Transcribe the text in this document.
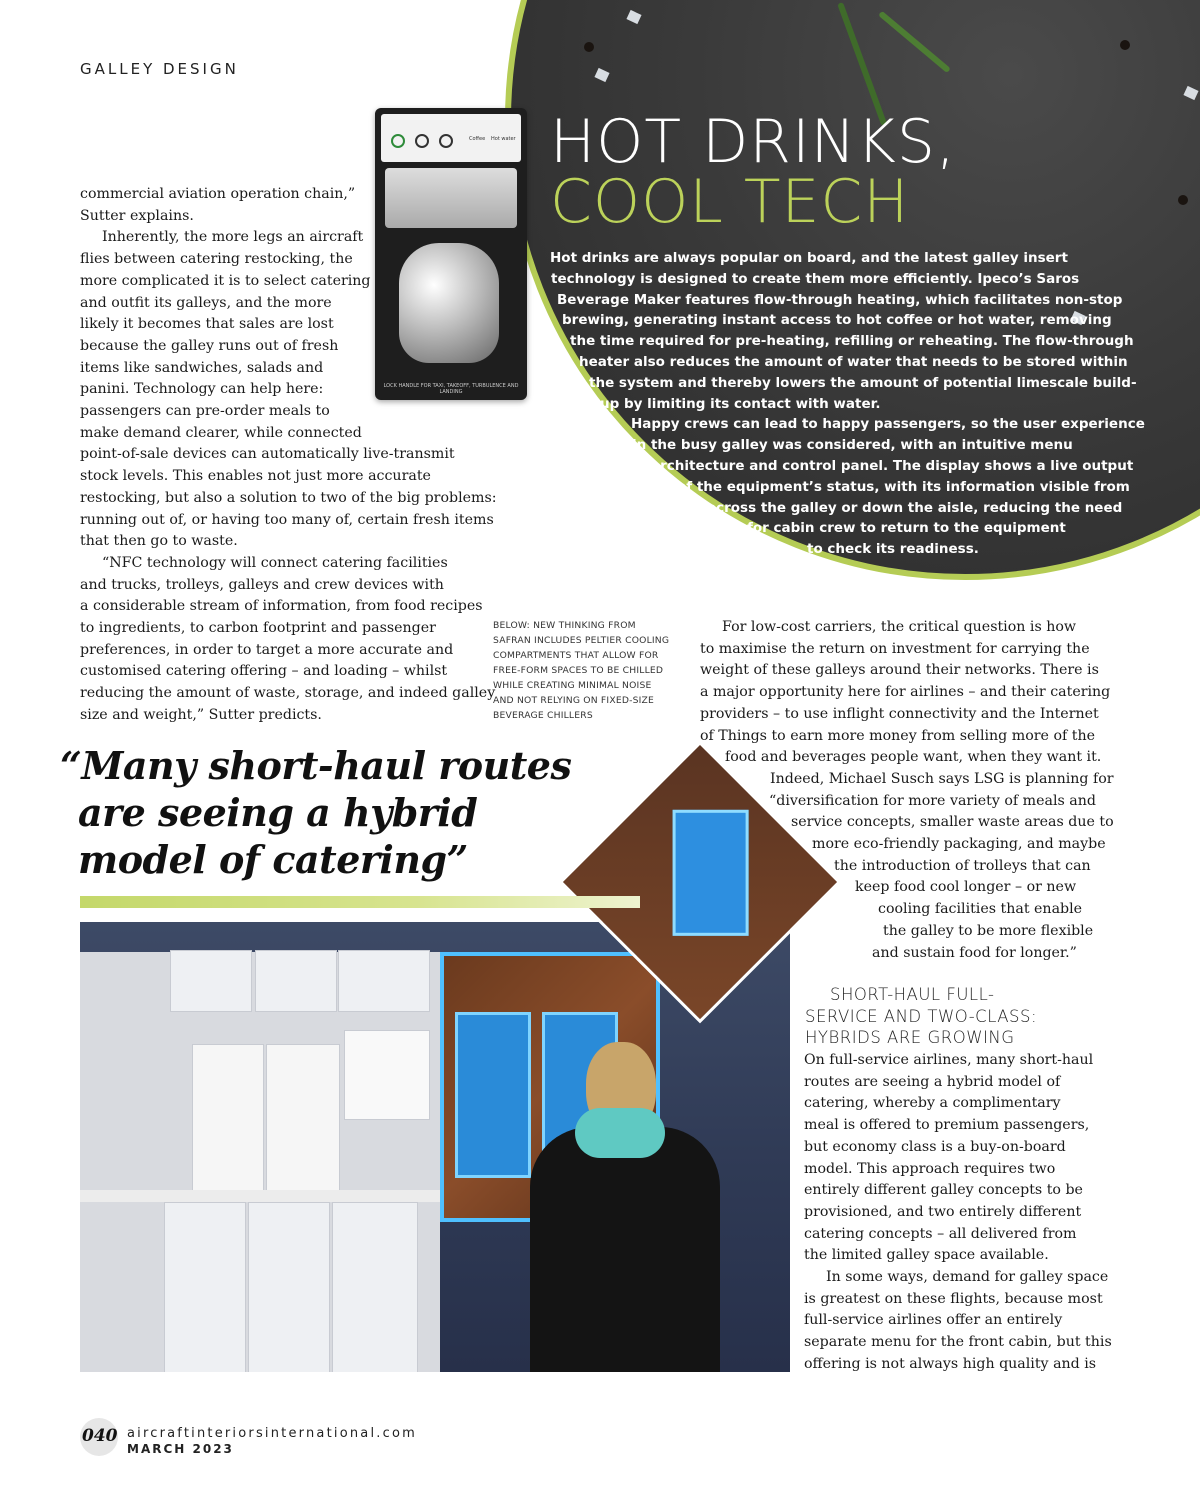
GALLEY DESIGN
Coffee Hot water
LOCK HANDLE FOR TAXI, TAKEOFF, TURBULENCE AND LANDING
HOT DRINKS,
COOL TECH
Hot drinks are always popular on board, and the latest galley insert
technology is designed to create them more efficiently. Ipeco’s Saros
Beverage Maker features flow-through heating, which facilitates non-stop
brewing, generating instant access to hot coffee or hot water, removing
the time required for pre-heating, refilling or reheating. The flow-through
heater also reduces the amount of water that needs to be stored within
the system and thereby lowers the amount of potential limescale build-
up by limiting its contact with water.
Happy crews can lead to happy passengers, so the user experience
in the busy galley was considered, with an intuitive menu
architecture and control panel. The display shows a live output
of the equipment’s status, with its information visible from
across the galley or down the aisle, reducing the need
for cabin crew to return to the equipment
to check its readiness.
commercial aviation operation chain,”
Sutter explains.
Inherently, the more legs an aircraft
flies between catering restocking, the
more complicated it is to select catering
and outfit its galleys, and the more
likely it becomes that sales are lost
because the galley runs out of fresh
items like sandwiches, salads and
panini. Technology can help here:
passengers can pre-order meals to
make demand clearer, while connected
point-of-sale devices can automatically live-transmit
stock levels. This enables not just more accurate
restocking, but also a solution to two of the big problems:
running out of, or having too many of, certain fresh items
that then go to waste.
“NFC technology will connect catering facilities
and trucks, trolleys, galleys and crew devices with
a considerable stream of information, from food recipes
to ingredients, to carbon footprint and passenger
preferences, in order to target a more accurate and
customised catering offering – and loading – whilst
reducing the amount of waste, storage, and indeed galley
size and weight,” Sutter predicts.
BELOW: NEW THINKING FROM
SAFRAN INCLUDES PELTIER COOLING
COMPARTMENTS THAT ALLOW FOR
FREE-FORM SPACES TO BE CHILLED
WHILE CREATING MINIMAL NOISE
AND NOT RELYING ON FIXED-SIZE
BEVERAGE CHILLERS
“Many short-haul routes
are seeing a hybrid
model of catering”
For low-cost carriers, the critical question is how
to maximise the return on investment for carrying the
weight of these galleys around their networks. There is
a major opportunity here for airlines – and their catering
providers – to use inflight connectivity and the Internet
of Things to earn more money from selling more of the
food and beverages people want, when they want it.
Indeed, Michael Susch says LSG is planning for
“diversification for more variety of meals and
service concepts, smaller waste areas due to
more eco-friendly packaging, and maybe
the introduction of trolleys that can
keep food cool longer – or new
cooling facilities that enable
the galley to be more flexible
and sustain food for longer.”
SHORT-HAUL FULL-
SERVICE AND TWO-CLASS:
HYBRIDS ARE GROWING
On full-service airlines, many short-haul
routes are seeing a hybrid model of
catering, whereby a complimentary
meal is offered to premium passengers,
but economy class is a buy-on-board
model. This approach requires two
entirely different galley concepts to be
provisioned, and two entirely different
catering concepts – all delivered from
the limited galley space available.
In some ways, demand for galley space
is greatest on these flights, because most
full-service airlines offer an entirely
separate menu for the front cabin, but this
offering is not always high quality and is
040 aircraftinteriorsinternational.com
MARCH 2023
